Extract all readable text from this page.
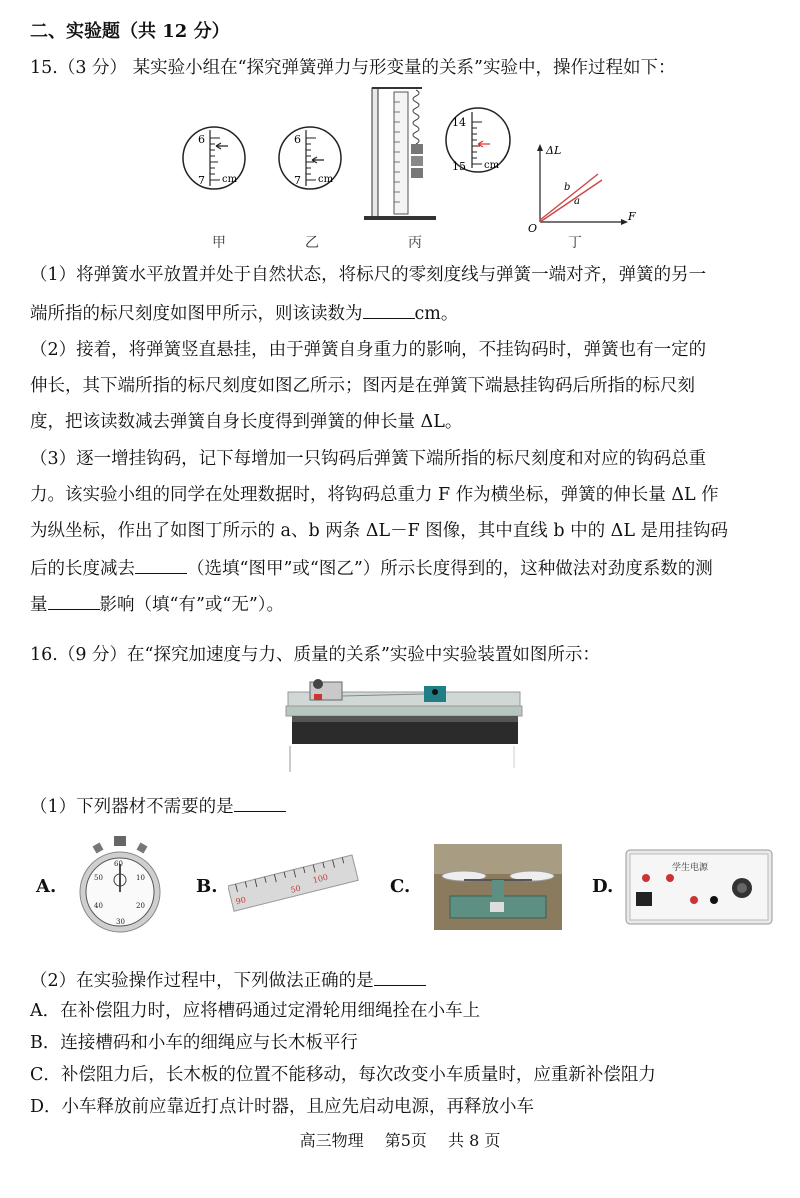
二、实验题（共 12 分）
15.（3 分） 某实验小组在“探究弹簧弹力与形变量的关系”实验中，操作过程如下：
6
7 cm
甲
6
7 cm
乙
14
15 cm
丙
ΔL
F
O
b
a
丁
（1）将弹簧水平放置并处于自然状态，将标尺的零刻度线与弹簧一端对齐，弹簧的另一
端所指的标尺刻度如图甲所示，则该读数为	cm。
（2）接着，将弹簧竖直悬挂，由于弹簧自身重力的影响，不挂钩码时，弹簧也有一定的
伸长，其下端所指的标尺刻度如图乙所示；图丙是在弹簧下端悬挂钩码后所指的标尺刻
度，把该读数减去弹簧自身长度得到弹簧的伸长量 ΔL。
（3）逐一增挂钩码，记下每增加一只钩码后弹簧下端所指的标尺刻度和对应的钩码总重
力。该实验小组的同学在处理数据时，将钩码总重力 F 作为横坐标，弹簧的伸长量 ΔL 作
为纵坐标，作出了如图丁所示的 a、b 两条 ΔL－F 图像，其中直线 b 中的 ΔL 是用挂钩码
后的长度减去	（选填“图甲”或“图乙”）所示长度得到的，这种做法对劲度系数的测
量	影响（填“有”或“无”）。
16.（9 分）在“探究加速度与力、质量的关系”实验中实验装置如图所示：
（1）下列器材不需要的是
A.
60
10
20
30
40
50	B.	100
50
90
C.	D.
学生电源
（2）在实验操作过程中，下列做法正确的是
A．在补偿阻力时，应将槽码通过定滑轮用细绳拴在小车上
B．连接槽码和小车的细绳应与长木板平行
C．补偿阻力后，长木板的位置不能移动，每次改变小车质量时，应重新补偿阻力
D．小车释放前应靠近打点计时器，且应先启动电源，再释放小车
高三物理 第5页 共 8 页
